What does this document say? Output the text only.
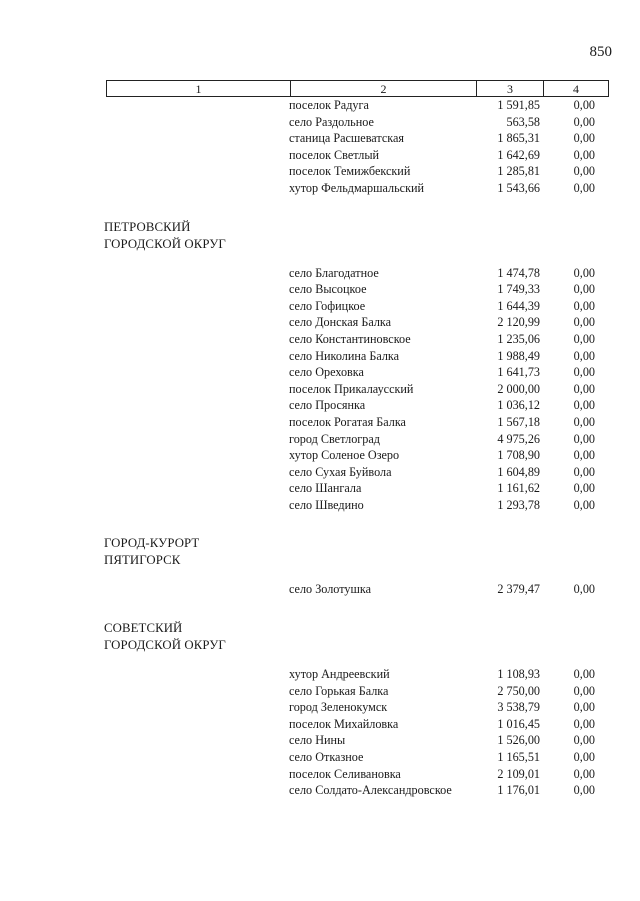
850
1	2	3	4
поселок Радуга	1 591,85	0,00
село Раздольное	563,58	0,00
станица Расшеватская	1 865,31	0,00
поселок Светлый	1 642,69	0,00
поселок Темижбекский	1 285,81	0,00
хутор Фельдмаршальский	1 543,66	0,00
ПЕТРОВСКИЙ
ГОРОДСКОЙ ОКРУГ
село Благодатное	1 474,78	0,00
село Высоцкое	1 749,33	0,00
село Гофицкое	1 644,39	0,00
село Донская Балка	2 120,99	0,00
село Константиновское	1 235,06	0,00
село Николина Балка	1 988,49	0,00
село Ореховка	1 641,73	0,00
поселок Прикалаусский	2 000,00	0,00
село Просянка	1 036,12	0,00
поселок Рогатая Балка	1 567,18	0,00
город Светлоград	4 975,26	0,00
хутор Соленое Озеро	1 708,90	0,00
село Сухая Буйвола	1 604,89	0,00
село Шангала	1 161,62	0,00
село Шведино	1 293,78	0,00
ГОРОД-КУРОРТ
ПЯТИГОРСК
село Золотушка	2 379,47	0,00
СОВЕТСКИЙ
ГОРОДСКОЙ ОКРУГ
хутор Андреевский	1 108,93	0,00
село Горькая Балка	2 750,00	0,00
город Зеленокумск	3 538,79	0,00
поселок Михайловка	1 016,45	0,00
село Нины	1 526,00	0,00
село Отказное	1 165,51	0,00
поселок Селивановка	2 109,01	0,00
село Солдато-Александровское	1 176,01	0,00
